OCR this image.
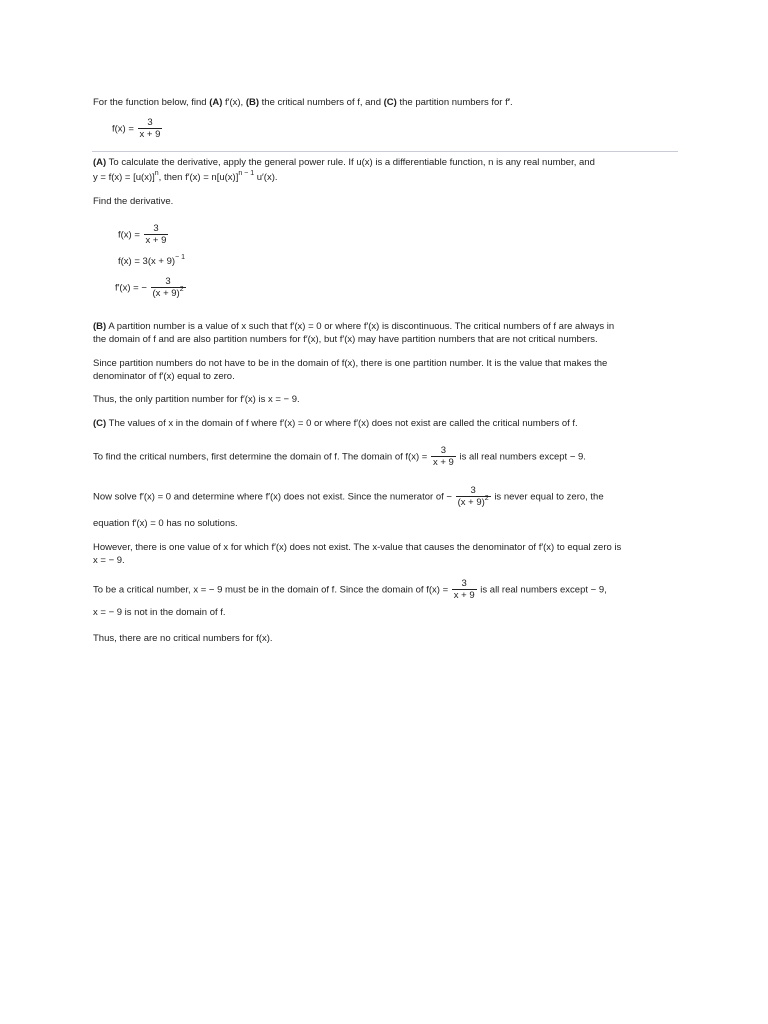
For the function below, find (A) f′(x), (B) the critical numbers of f, and (C) the partition numbers for f′.
$f(x) = \frac{3}{x + 9}$
(A) To calculate the derivative, apply the general power rule. If u(x) is a differentiable function, n is any real number, and
$y = f(x) = [u(x)]^n$, then $f'(x) = n[u(x)]^{n - 1}$ u′(x).
Find the derivative.
$f(x) = \frac{3}{x + 9}$
$f(x) = 3(x + 9)^{- 1}$
f′(x) = − $\frac{3}{(x + 9)^2}$
(B) A partition number is a value of x such that f′(x) = 0 or where f′(x) is discontinuous. The critical numbers of f are always in
the domain of f and are also partition numbers for f′(x), but f′(x) may have partition numbers that are not critical numbers.
Since partition numbers do not have to be in the domain of f(x), there is one partition number. It is the value that makes the
denominator of f′(x) equal to zero.
Thus, the only partition number for f′(x) is x = − 9.
(C) The values of x in the domain of f where f′(x) = 0 or where f′(x) does not exist are called the critical numbers of f.
To find the critical numbers, first determine the domain of f. The domain of $f(x) = \frac{3}{x + 9}$ is all real numbers except − 9.
Now solve f′(x) = 0 and determine where f′(x) does not exist. Since the numerator of − $\frac{3}{(x + 9)^2}$ is never equal to zero, the
equation f′(x) = 0 has no solutions.
However, there is one value of x for which f′(x) does not exist. The x-value that causes the denominator of f′(x) to equal zero is
x = − 9.
To be a critical number, x = − 9 must be in the domain of f. Since the domain of $f(x) = \frac{3}{x + 9}$ is all real numbers except − 9,
x = − 9 is not in the domain of f.
Thus, there are no critical numbers for f(x).
